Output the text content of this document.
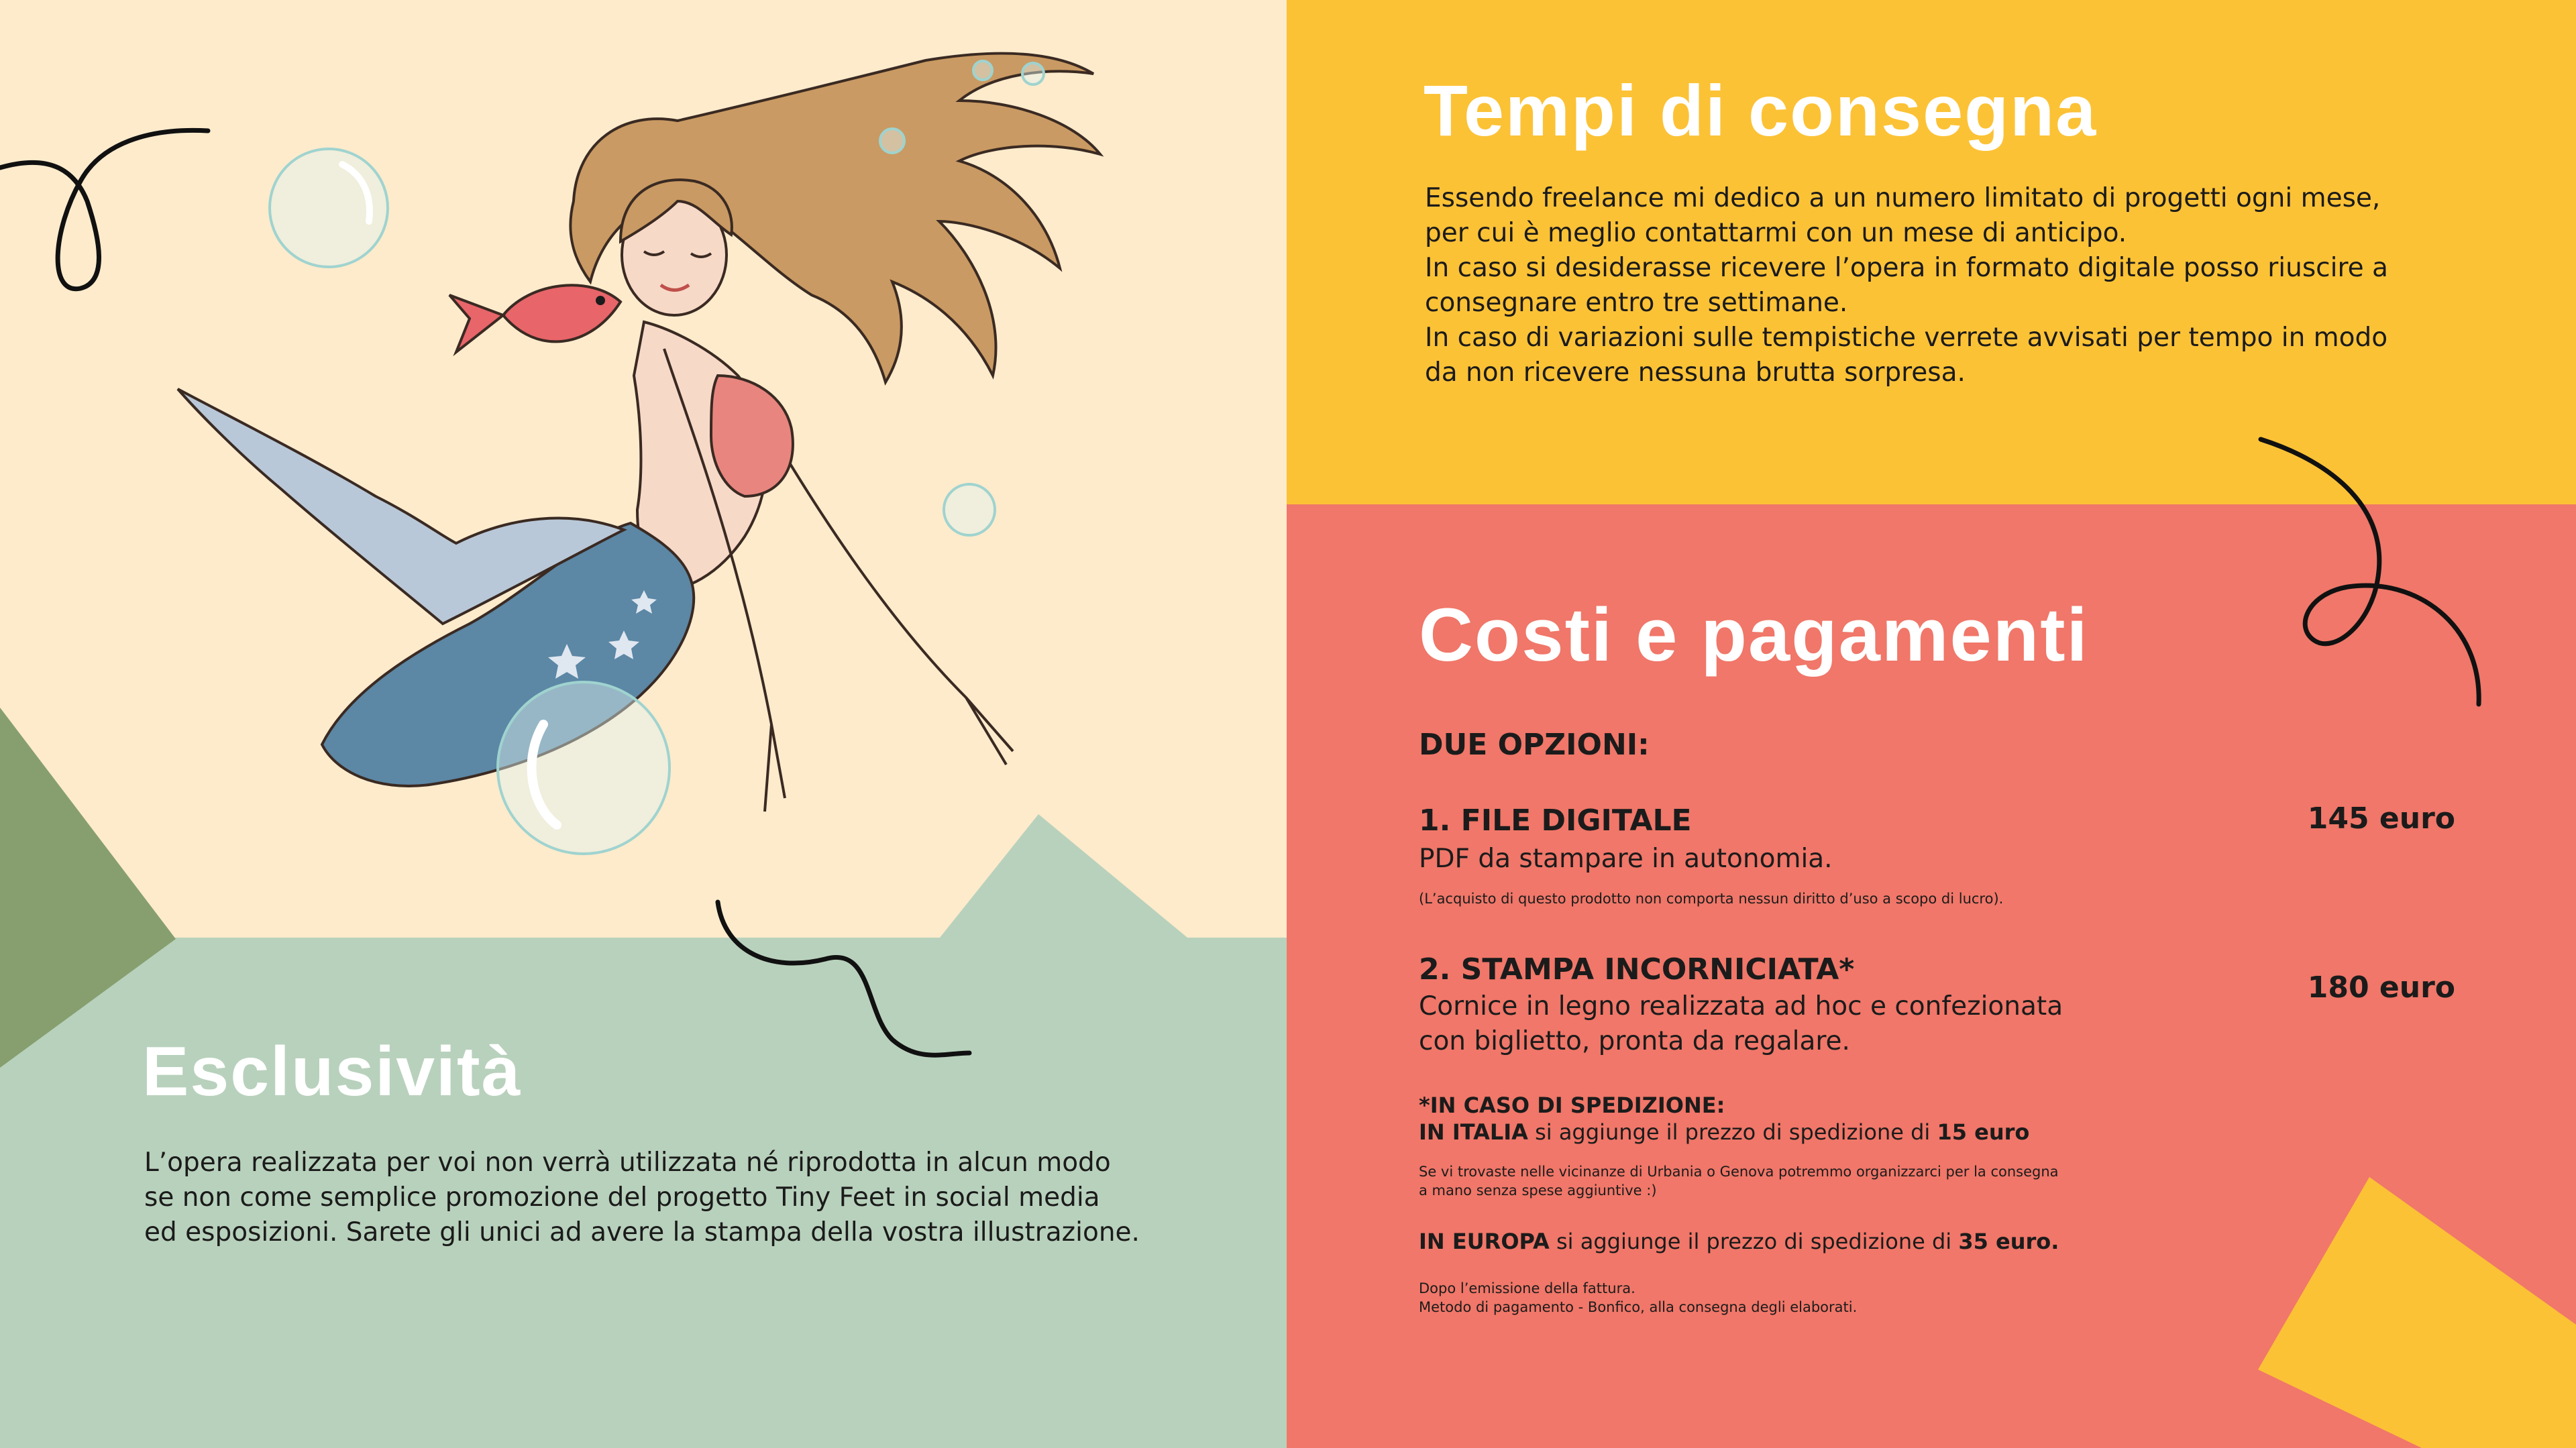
Tempi di consegna
Essendo freelance mi dedico a un numero limitato di progetti ogni mese,
per cui è meglio contattarmi con un mese di anticipo.
In caso si desiderasse ricevere l’opera in formato digitale posso riuscire a
consegnare entro tre settimane.
In caso di variazioni sulle tempistiche verrete avvisati per tempo in modo
da non ricevere nessuna brutta sorpresa.
Costi e pagamenti

DUE OPZIONI:

1. FILE DIGITALE	145 euro

PDF da stampare in autonomia.

(L’acquisto di questo prodotto non comporta nessun diritto d’uso a scopo di lucro).

2. STAMPA INCORNICIATA*

180 euro

Cornice in legno realizzata ad hoc e confezionata
con biglietto, pronta da regalare.

*IN CASO DI SPEDIZIONE:

IN ITALIA si aggiunge il prezzo di spedizione di 15 euro

Se vi trovaste nelle vicinanze di Urbania o Genova potremmo organizzarci per la consegna
a mano senza spese aggiuntive :)

IN EUROPA si aggiunge il prezzo di spedizione di 35 euro.

Dopo l’emissione della fattura.
Metodo di pagamento - Bonfico, alla consegna degli elaborati.
Esclusività
L’opera realizzata per voi non verrà utilizzata né riprodotta in alcun modo
se non come semplice promozione del progetto Tiny Feet in social media
ed esposizioni. Sarete gli unici ad avere la stampa della vostra illustrazione.
